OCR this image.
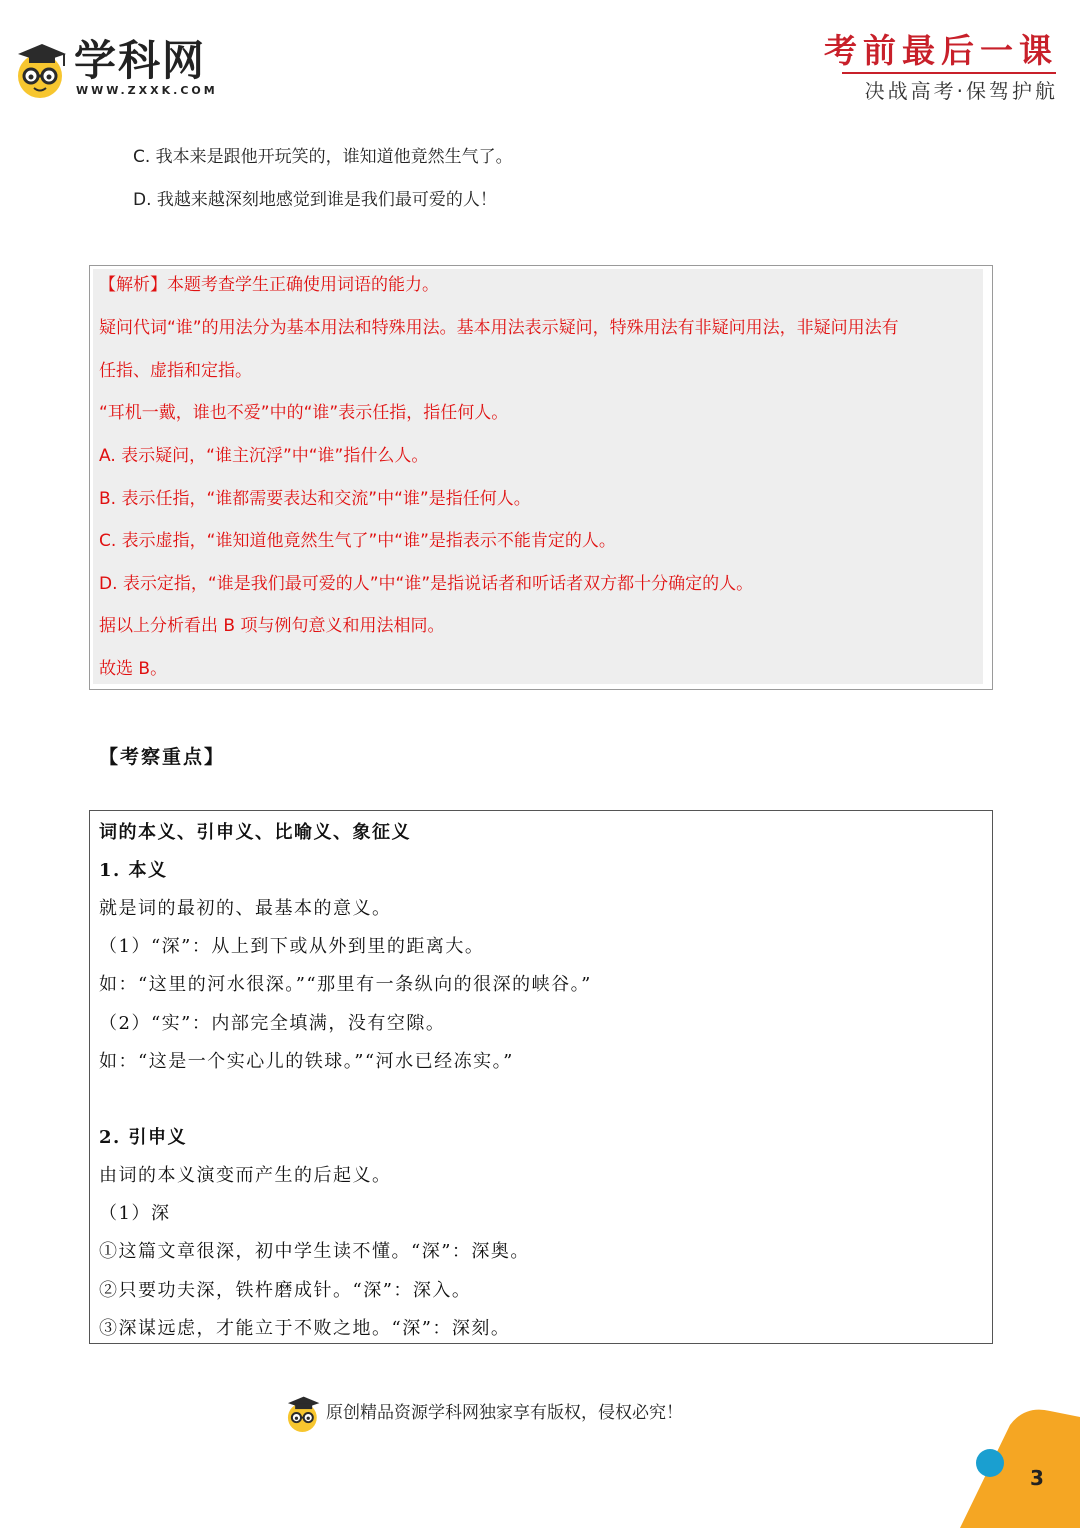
学科网
WWW.ZXXK.COM
考前最后一课
决战高考·保驾护航
C. 我本来是跟他开玩笑的，谁知道他竟然生气了。
D. 我越来越深刻地感觉到谁是我们最可爱的人！
【解析】本题考查学生正确使用词语的能力。
疑问代词“谁”的用法分为基本用法和特殊用法。基本用法表示疑问，特殊用法有非疑问用法，非疑问用法有
任指、虚指和定指。
“耳机一戴，谁也不爱”中的“谁”表示任指，指任何人。
A. 表示疑问，“谁主沉浮”中“谁”指什么人。
B. 表示任指，“谁都需要表达和交流”中“谁”是指任何人。
C. 表示虚指，“谁知道他竟然生气了”中“谁”是指表示不能肯定的人。
D. 表示定指，“谁是我们最可爱的人”中“谁”是指说话者和听话者双方都十分确定的人。
据以上分析看出 B 项与例句意义和用法相同。
故选 B。
【考察重点】
词的本义、引申义、比喻义、象征义
1. 本义
就是词的最初的、最基本的意义。
（1）“深”：从上到下或从外到里的距离大。
如：“这里的河水很深。”“那里有一条纵向的很深的峡谷。”
（2）“实”：内部完全填满，没有空隙。
如：“这是一个实心儿的铁球。”“河水已经冻实。”
2. 引申义
由词的本义演变而产生的后起义。
（1）深
①这篇文章很深，初中学生读不懂。“深”：深奥。
②只要功夫深，铁杵磨成针。“深”：深入。
③深谋远虑，才能立于不败之地。“深”：深刻。
原创精品资源学科网独家享有版权，侵权必究！
3
